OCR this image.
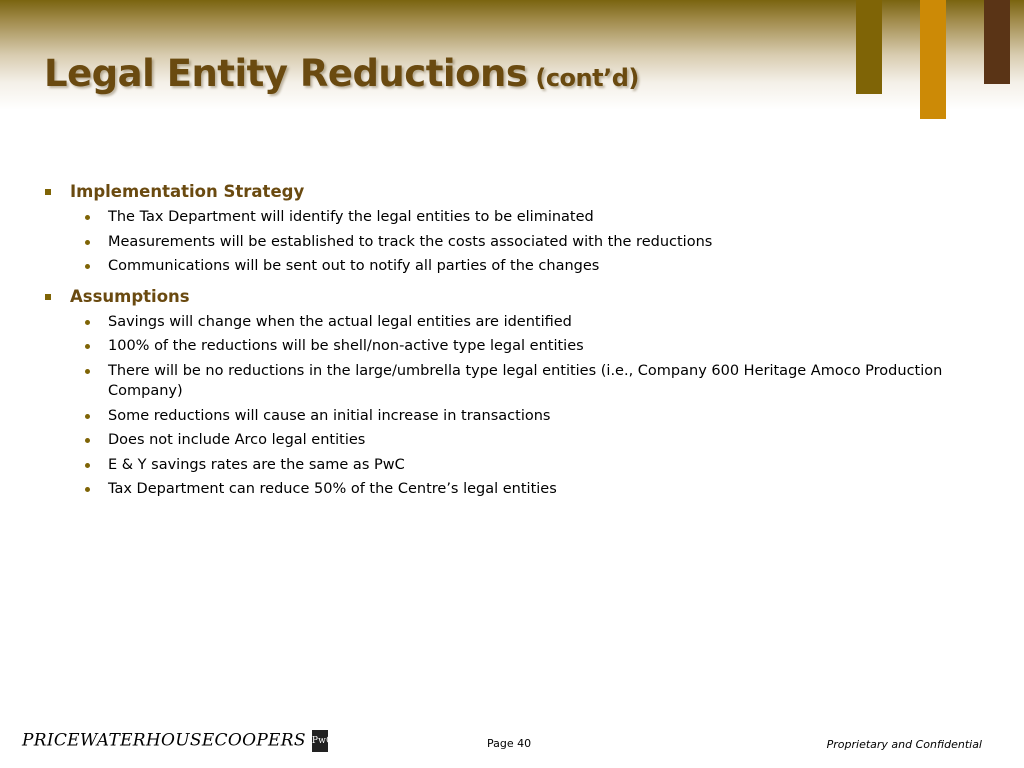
Legal Entity Reductions (cont’d)
Implementation Strategy
The Tax Department will identify the legal entities to be eliminated
Measurements will be established to track the costs associated with the reductions
Communications will be sent out to notify all parties of the changes
Assumptions
Savings will change when the actual legal entities are identified
100% of the reductions will be shell/non-active type legal entities
There will be no reductions in the large/umbrella type legal entities (i.e., Company 600 Heritage Amoco Production Company)
Some reductions will cause an initial increase in transactions
Does not include Arco legal entities
E & Y savings rates are the same as PwC
Tax Department can reduce 50% of the Centre’s legal entities
PRICEWATERHOUSECOOPERS PwC	Page 40	Proprietary and Confidential
